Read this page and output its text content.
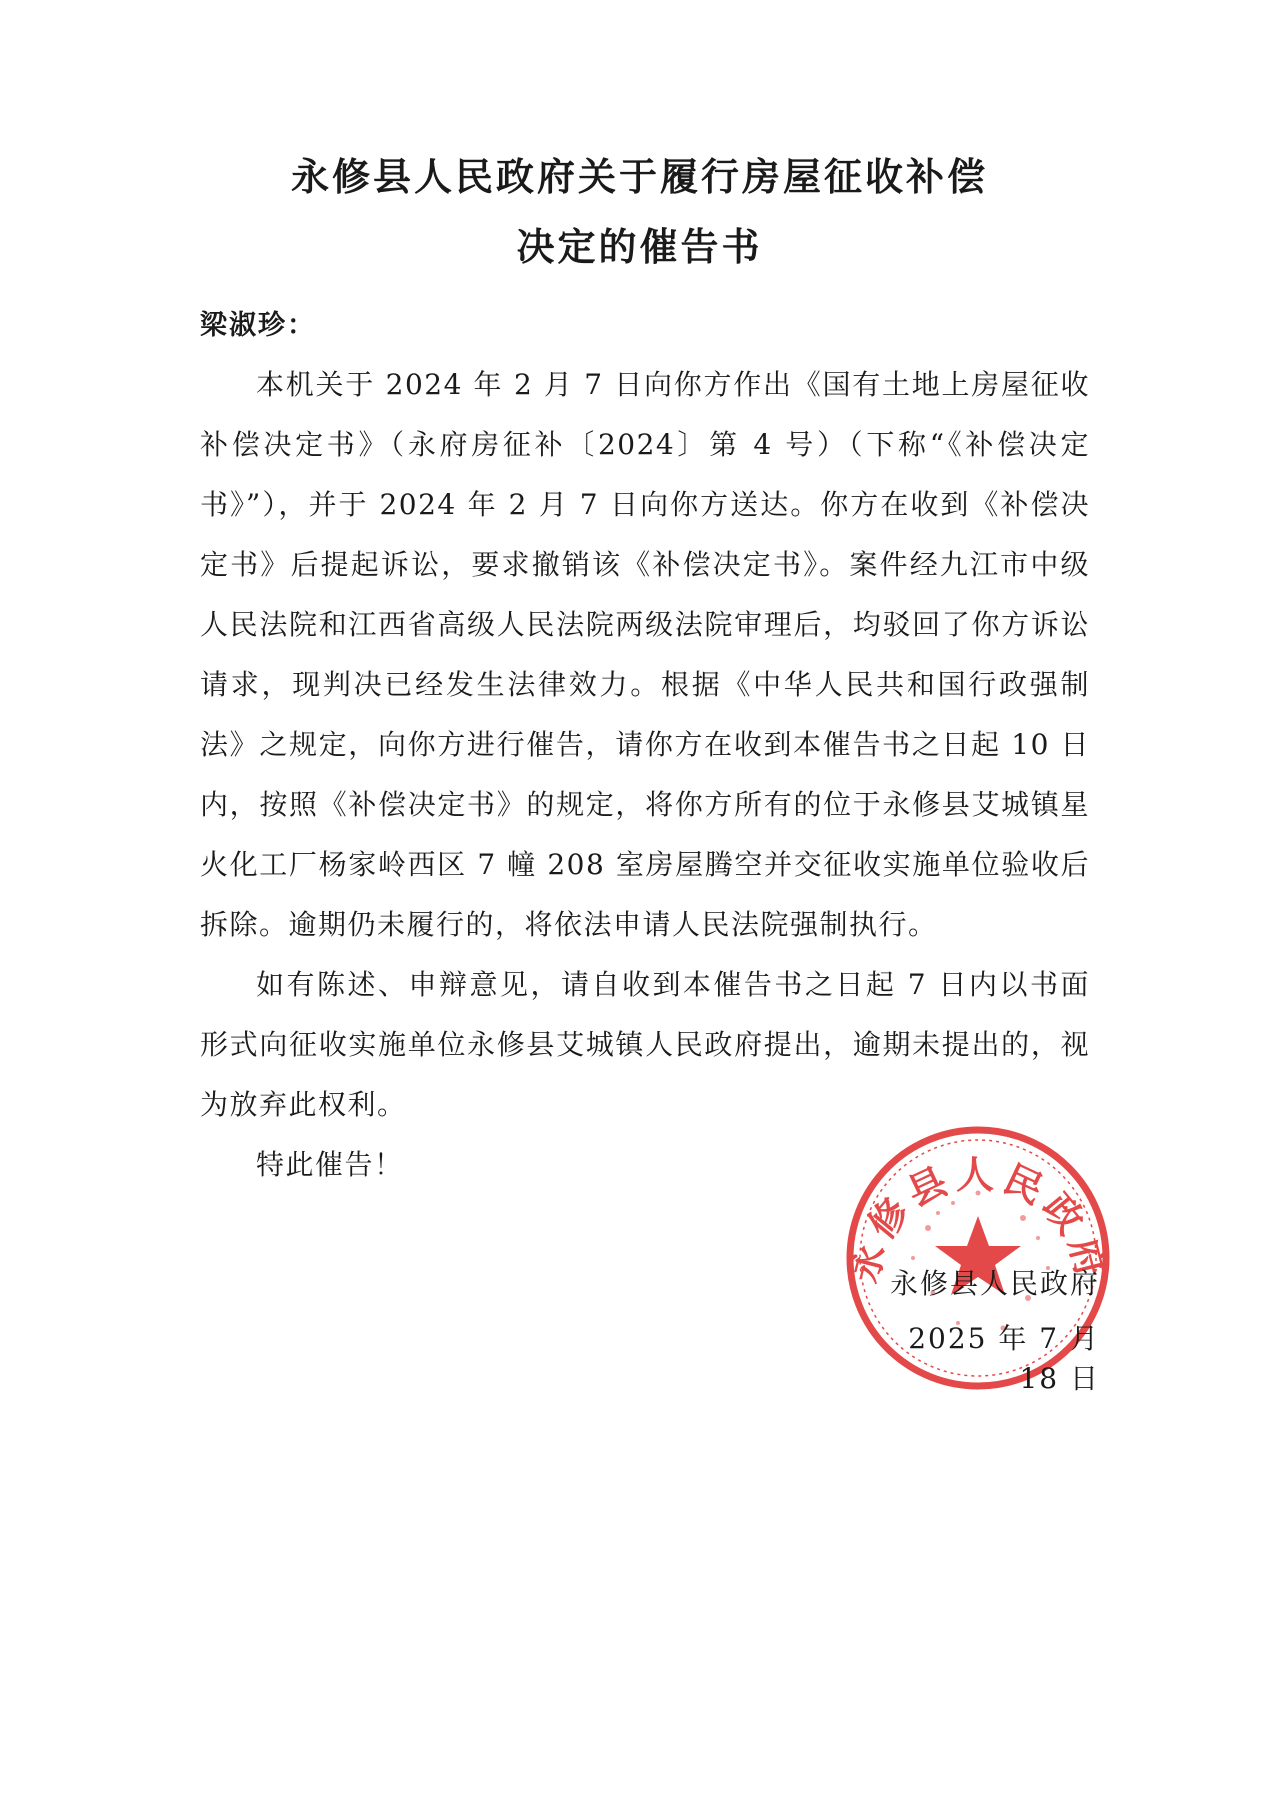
永修县人民政府关于履行房屋征收补偿
决定的催告书
梁淑珍：
本机关于 2024 年 2 月 7 日向你方作出《国有土地上房屋征收补偿决定书》（永府房征补〔2024〕第 4 号）（下称“《补偿决定书》”），并于 2024 年 2 月 7 日向你方送达。你方在收到《补偿决定书》后提起诉讼，要求撤销该《补偿决定书》。案件经九江市中级人民法院和江西省高级人民法院两级法院审理后，均驳回了你方诉讼请求，现判决已经发生法律效力。根据《中华人民共和国行政强制法》之规定，向你方进行催告，请你方在收到本催告书之日起 10 日内，按照《补偿决定书》的规定，将你方所有的位于永修县艾城镇星火化工厂杨家岭西区 7 幢 208 室房屋腾空并交征收实施单位验收后拆除。逾期仍未履行的，将依法申请人民法院强制执行。
如有陈述、申辩意见，请自收到本催告书之日起 7 日内以书面形式向征收实施单位永修县艾城镇人民政府提出，逾期未提出的，视为放弃此权利。
特此催告！
永修县人民政府
永修县人民政府
2025 年 7 月 18 日
